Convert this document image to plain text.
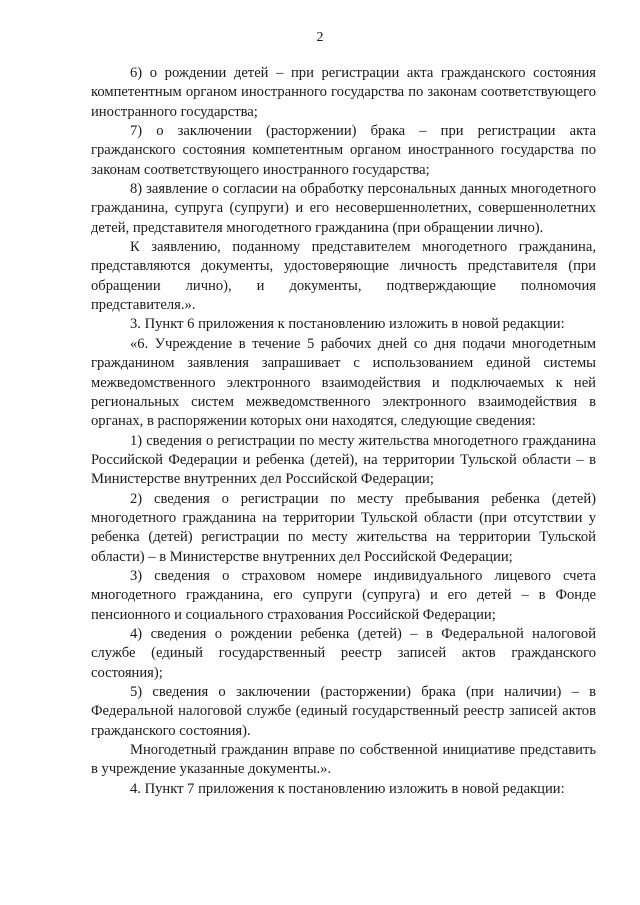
2

6) о рождении детей – при регистрации акта гражданского состояния компетентным органом иностранного государства по законам соответствующего иностранного государства;

7) о заключении (расторжении) брака – при регистрации акта гражданского состояния компетентным органом иностранного государства по законам соответствующего иностранного государства;

8) заявление о согласии на обработку персональных данных многодетного гражданина, супруга (супруги) и его несовершеннолетних, совершеннолетних детей, представителя многодетного гражданина (при обращении лично).

К заявлению, поданному представителем многодетного гражданина, представляются документы, удостоверяющие личность представителя (при обращении лично), и документы, подтверждающие полномочия представителя.».

3. Пункт 6 приложения к постановлению изложить в новой редакции:

«6. Учреждение в течение 5 рабочих дней со дня подачи многодетным гражданином заявления запрашивает с использованием единой системы межведомственного электронного взаимодействия и подключаемых к ней региональных систем межведомственного электронного взаимодействия в органах, в распоряжении которых они находятся, следующие сведения:

1) сведения о регистрации по месту жительства многодетного гражданина Российской Федерации и ребенка (детей), на территории Тульской области – в Министерстве внутренних дел Российской Федерации;

2) сведения о регистрации по месту пребывания ребенка (детей) многодетного гражданина на территории Тульской области (при отсутствии у ребенка (детей) регистрации по месту жительства на территории Тульской области) – в Министерстве внутренних дел Российской Федерации;

3) сведения о страховом номере индивидуального лицевого счета многодетного гражданина, его супруги (супруга) и его детей – в Фонде пенсионного и социального страхования Российской Федерации;

4) сведения о рождении ребенка (детей) – в Федеральной налоговой службе (единый государственный реестр записей актов гражданского состояния);

5) сведения о заключении (расторжении) брака (при наличии) – в Федеральной налоговой службе (единый государственный реестр записей актов гражданского состояния).

Многодетный гражданин вправе по собственной инициативе представить в учреждение указанные документы.».

4. Пункт 7 приложения к постановлению изложить в новой редакции:
